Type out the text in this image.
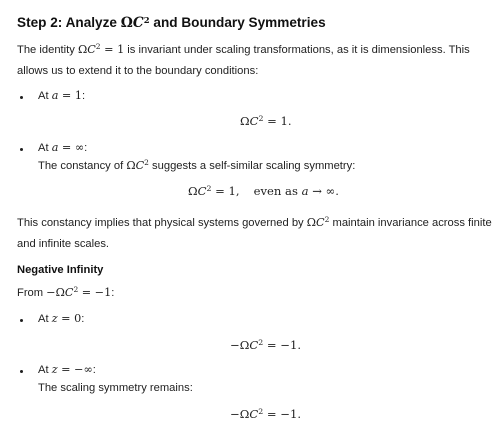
Step 2: Analyze $\Omega C^2$ and Boundary Symmetries
The identity $\Omega C^2 = 1$ is invariant under scaling transformations, as it is dimensionless. This
allows us to extend it to the boundary conditions:
At a = 1:
$\Omega C^2 = 1$.
At a = ∞:
The constancy of $\Omega C^2$ suggests a self-similar scaling symmetry:
$\Omega C^2 = 1$, even as a → ∞.
This constancy implies that physical systems governed by $\Omega C^2$ maintain invariance across finite
and infinite scales.
Negative Infinity
From $-\Omega C^2 = -1$:
At z = 0:
$-\Omega C^2 = -1$.
At z = −∞:
The scaling symmetry remains:
$-\Omega C^2 = -1$.
